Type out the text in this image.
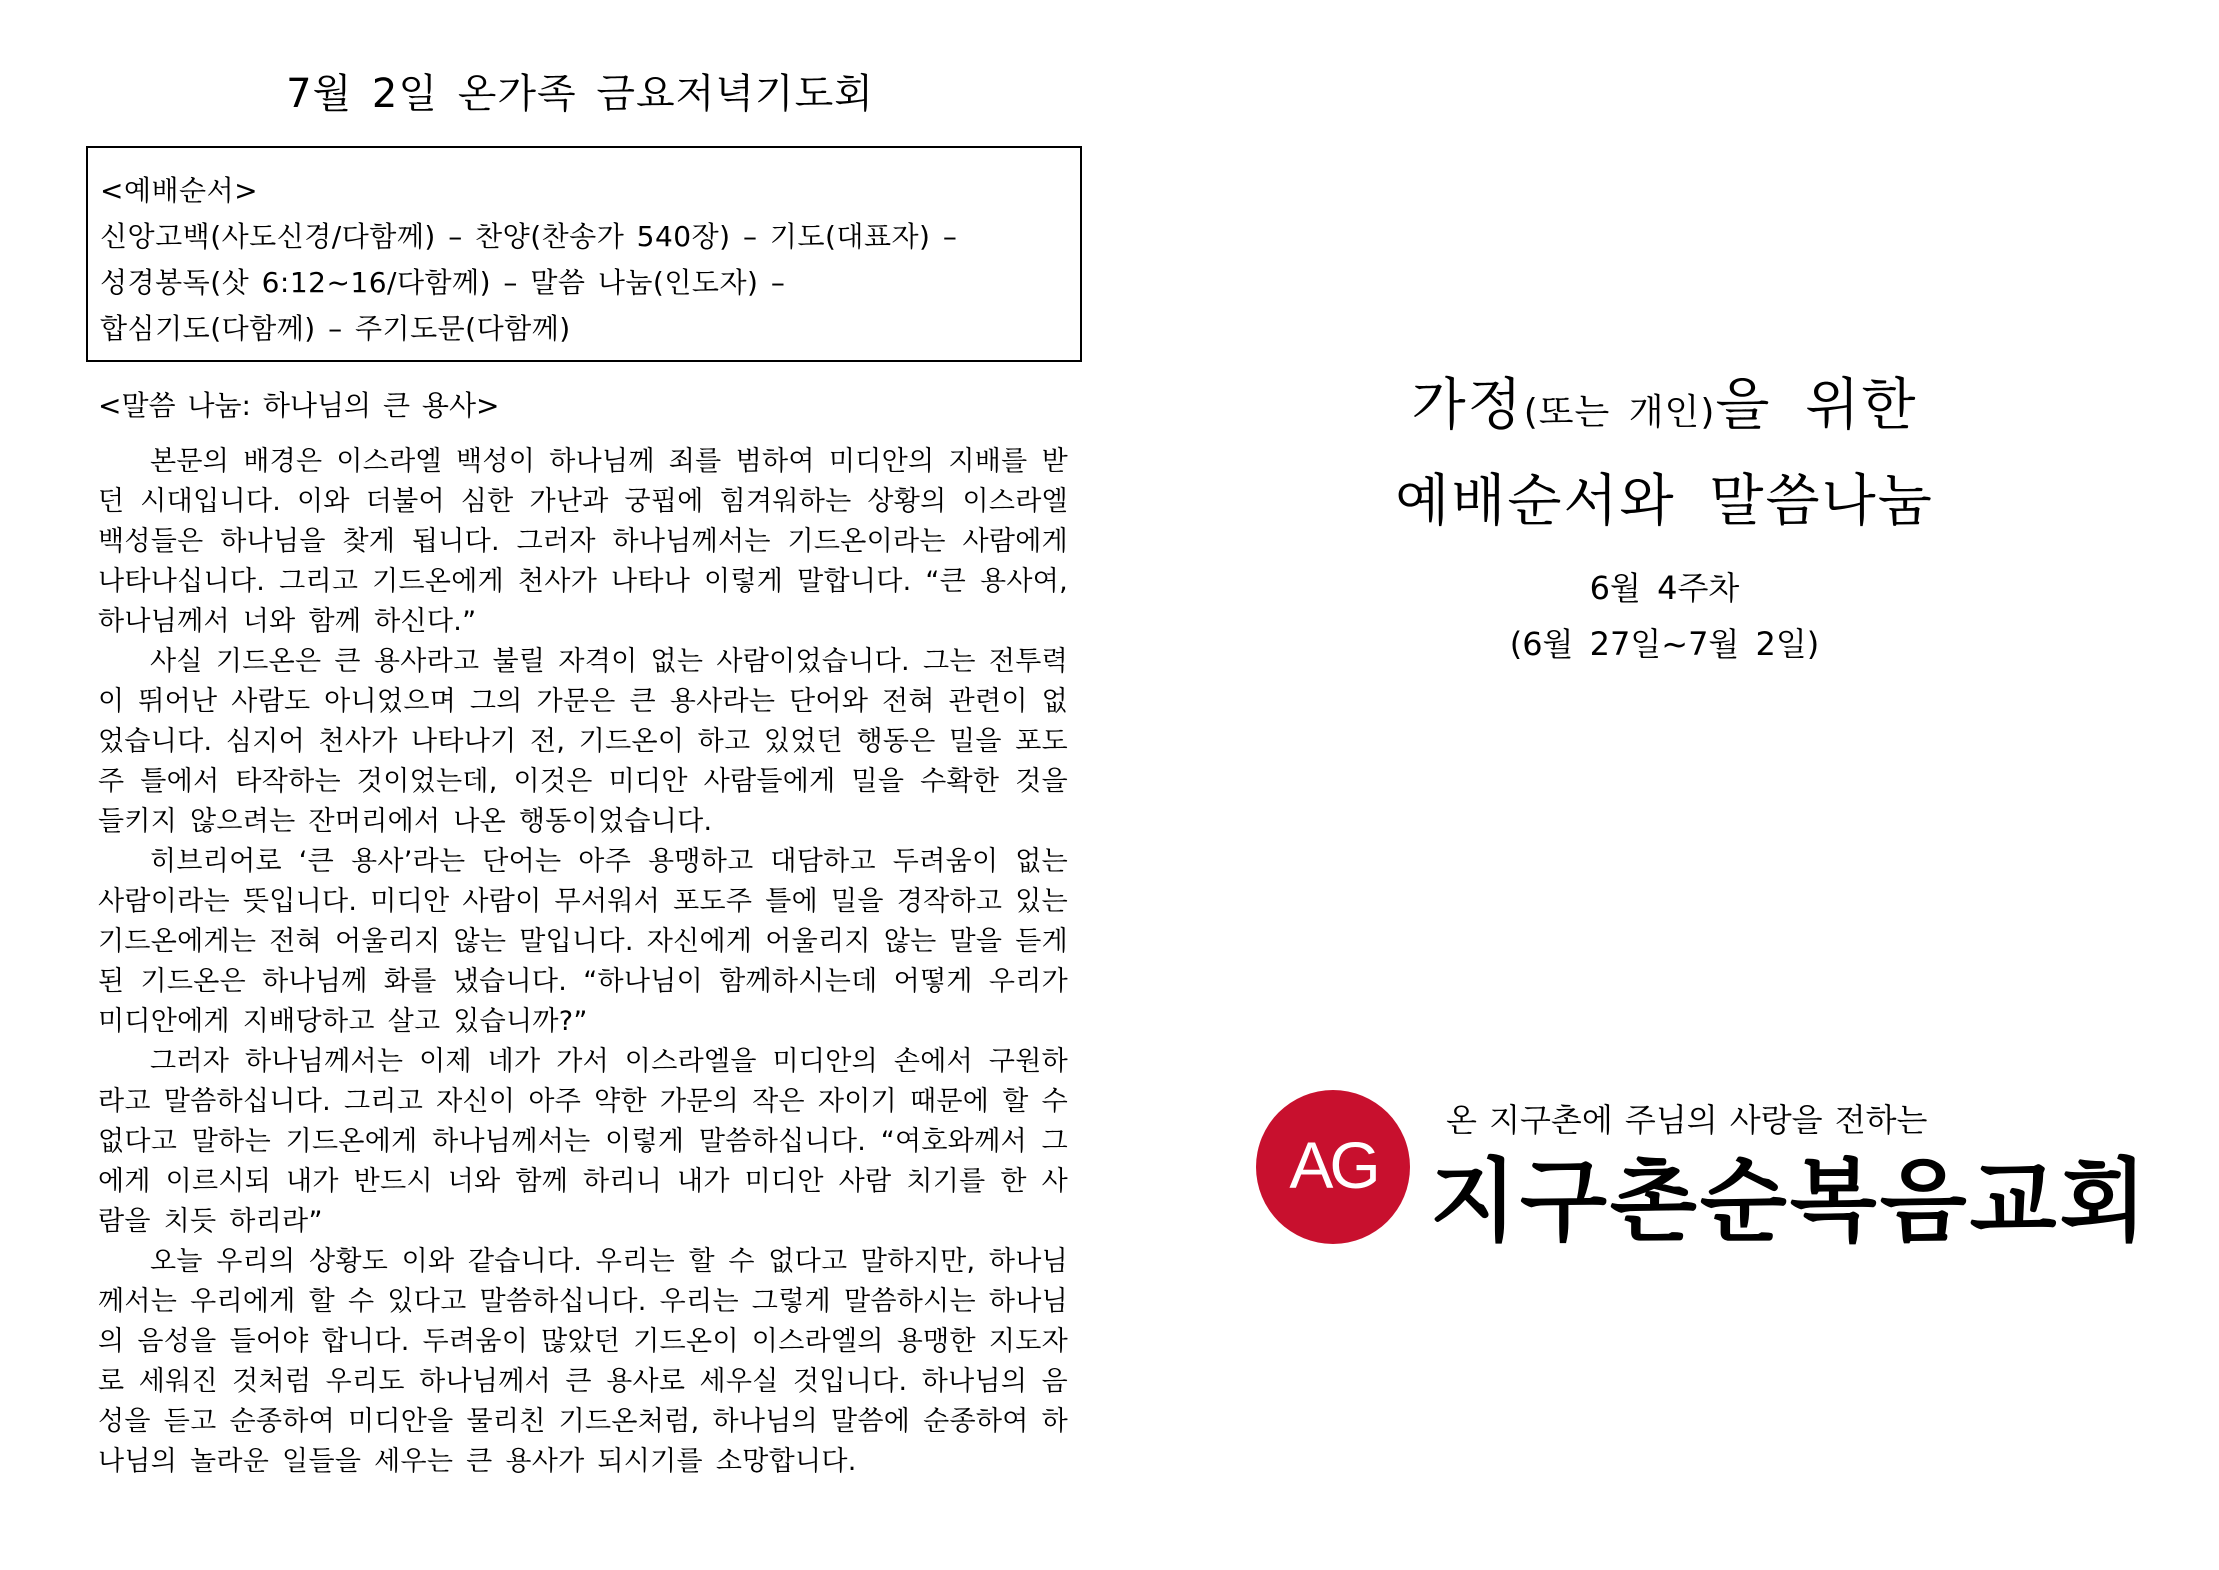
7월 2일 온가족 금요저녁기도회
<예배순서>
신앙고백(사도신경/다함께) – 찬양(찬송가 540장) – 기도(대표자) –
성경봉독(삿 6:12~16/다함께) – 말씀 나눔(인도자) –
합심기도(다함께) – 주기도문(다함께)
<말씀 나눔: 하나님의 큰 용사>

본문의 배경은 이스라엘 백성이 하나님께 죄를 범하여 미디안의 지배를 받던 시대입니다. 이와 더불어 심한 가난과 궁핍에 힘겨워하는 상황의 이스라엘 백성들은 하나님을 찾게 됩니다. 그러자 하나님께서는 기드온이라는 사람에게 나타나십니다. 그리고 기드온에게 천사가 나타나 이렇게 말합니다. “큰 용사여, 하나님께서 너와 함께 하신다.”

사실 기드온은 큰 용사라고 불릴 자격이 없는 사람이었습니다. 그는 전투력이 뛰어난 사람도 아니었으며 그의 가문은 큰 용사라는 단어와 전혀 관련이 없었습니다. 심지어 천사가 나타나기 전, 기드온이 하고 있었던 행동은 밀을 포도주 틀에서 타작하는 것이었는데, 이것은 미디안 사람들에게 밀을 수확한 것을 들키지 않으려는 잔머리에서 나온 행동이었습니다.

히브리어로 ‘큰 용사’라는 단어는 아주 용맹하고 대담하고 두려움이 없는 사람이라는 뜻입니다. 미디안 사람이 무서워서 포도주 틀에 밀을 경작하고 있는 기드온에게는 전혀 어울리지 않는 말입니다. 자신에게 어울리지 않는 말을 듣게 된 기드온은 하나님께 화를 냈습니다. “하나님이 함께하시는데 어떻게 우리가 미디안에게 지배당하고 살고 있습니까?”

그러자 하나님께서는 이제 네가 가서 이스라엘을 미디안의 손에서 구원하라고 말씀하십니다. 그리고 자신이 아주 약한 가문의 작은 자이기 때문에 할 수 없다고 말하는 기드온에게 하나님께서는 이렇게 말씀하십니다. “여호와께서 그에게 이르시되 내가 반드시 너와 함께 하리니 내가 미디안 사람 치기를 한 사람을 치듯 하리라”

오늘 우리의 상황도 이와 같습니다. 우리는 할 수 없다고 말하지만, 하나님께서는 우리에게 할 수 있다고 말씀하십니다. 우리는 그렇게 말씀하시는 하나님의 음성을 들어야 합니다. 두려움이 많았던 기드온이 이스라엘의 용맹한 지도자로 세워진 것처럼 우리도 하나님께서 큰 용사로 세우실 것입니다. 하나님의 음성을 듣고 순종하여 미디안을 물리친 기드온처럼, 하나님의 말씀에 순종하여 하나님의 놀라운 일들을 세우는 큰 용사가 되시기를 소망합니다.

가정(또는 개인)을 위한
예배순서와 말씀나눔
6월 4주차
(6월 27일~7월 2일)
AG
온 지구촌에 주님의 사랑을 전하는
지구촌순복음교회
